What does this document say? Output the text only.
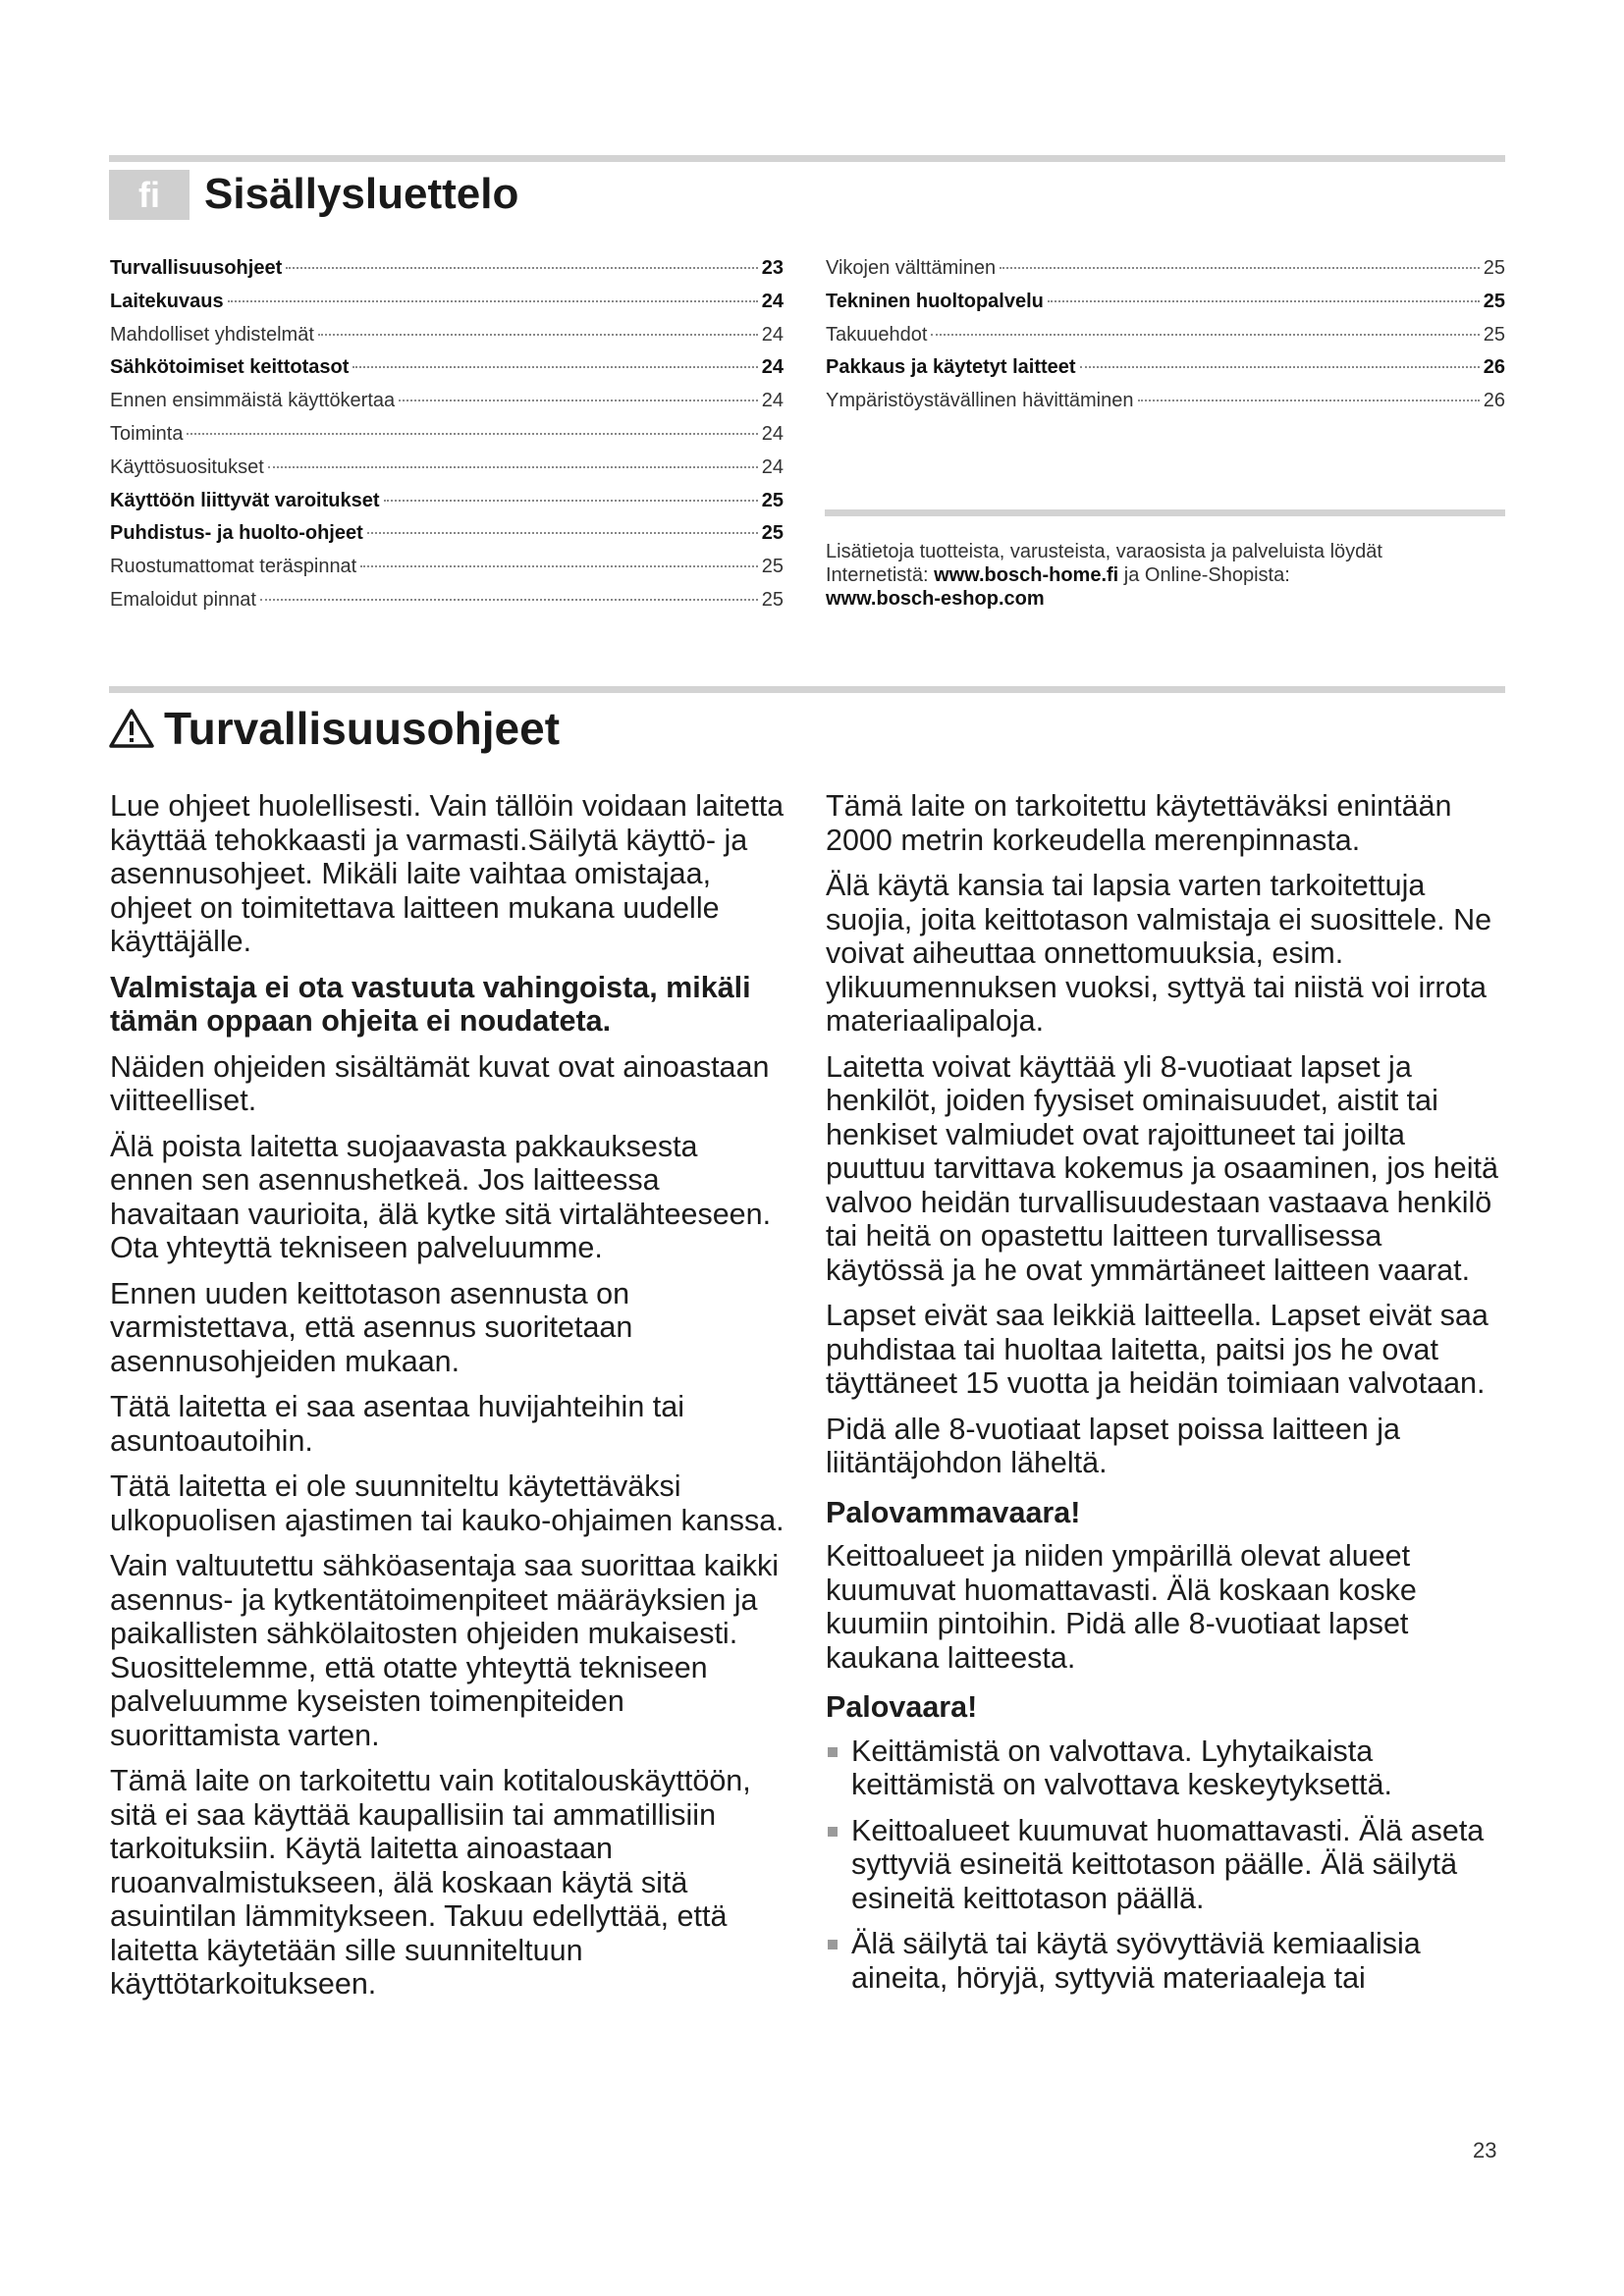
fi	Sisällysluettelo
Turvallisuusohjeet	23
Laitekuvaus	24
Mahdolliset yhdistelmät	24
Sähkötoimiset keittotasot	24
Ennen ensimmäistä käyttökertaa	24
Toiminta	24
Käyttösuositukset	24
Käyttöön liittyvät varoitukset	25
Puhdistus- ja huolto-ohjeet	25
Ruostumattomat teräspinnat	25
Emaloidut pinnat	25
Vikojen välttäminen	25
Tekninen huoltopalvelu	25
Takuuehdot	25
Pakkaus ja käytetyt laitteet	26
Ympäristöystävällinen hävittäminen	26

Lisätietoja tuotteista, varusteista, varaosista ja palveluista löydät
Internetistä: www.bosch-home.fi ja Online-Shopista:
www.bosch-eshop.com

Turvallisuusohjeet

Lue ohjeet huolellisesti. Vain tällöin voidaan laitetta käyttää tehokkaasti ja varmasti.Säilytä käyttö- ja asennusohjeet. Mikäli laite vaihtaa omistajaa, ohjeet on toimitettava laitteen mukana uudelle käyttäjälle.

Valmistaja ei ota vastuuta vahingoista, mikäli tämän oppaan ohjeita ei noudateta.

Näiden ohjeiden sisältämät kuvat ovat ainoastaan viitteelliset.

Älä poista laitetta suojaavasta pakkauksesta ennen sen asennushetkeä. Jos laitteessa havaitaan vaurioita, älä kytke sitä virtalähteeseen. Ota yhteyttä tekniseen palveluumme.

Ennen uuden keittotason asennusta on varmistettava, että asennus suoritetaan asennusohjeiden mukaan.

Tätä laitetta ei saa asentaa huvijahteihin tai asuntoautoihin.

Tätä laitetta ei ole suunniteltu käytettäväksi ulkopuolisen ajastimen tai kauko-ohjaimen kanssa.

Vain valtuutettu sähköasentaja saa suorittaa kaikki asennus- ja kytkentätoimenpiteet määräyksien ja paikallisten sähkölaitosten ohjeiden mukaisesti. Suosittelemme, että otatte yhteyttä tekniseen palveluumme kyseisten toimenpiteiden suorittamista varten.

Tämä laite on tarkoitettu vain kotitalouskäyttöön, sitä ei saa käyttää kaupallisiin tai ammatillisiin tarkoituksiin. Käytä laitetta ainoastaan ruoanvalmistukseen, älä koskaan käytä sitä asuintilan lämmitykseen. Takuu edellyttää, että laitetta käytetään sille suunniteltuun käyttötarkoitukseen.

Tämä laite on tarkoitettu käytettäväksi enintään 2000 metrin korkeudella merenpinnasta.

Älä käytä kansia tai lapsia varten tarkoitettuja suojia, joita keittotason valmistaja ei suosittele. Ne voivat aiheuttaa onnettomuuksia, esim. ylikuumennuksen vuoksi, syttyä tai niistä voi irrota materiaalipaloja.

Laitetta voivat käyttää yli 8-vuotiaat lapset ja henkilöt, joiden fyysiset ominaisuudet, aistit tai henkiset valmiudet ovat rajoittuneet tai joilta puuttuu tarvittava kokemus ja osaaminen, jos heitä valvoo heidän turvallisuudestaan vastaava henkilö tai heitä on opastettu laitteen turvallisessa käytössä ja he ovat ymmärtäneet laitteen vaarat.

Lapset eivät saa leikkiä laitteella. Lapset eivät saa puhdistaa tai huoltaa laitetta, paitsi jos he ovat täyttäneet 15 vuotta ja heidän toimiaan valvotaan.

Pidä alle 8-vuotiaat lapset poissa laitteen ja liitäntäjohdon läheltä.

Palovammavaara!

Keittoalueet ja niiden ympärillä olevat alueet kuumuvat huomattavasti. Älä koskaan koske kuumiin pintoihin. Pidä alle 8-vuotiaat lapset kaukana laitteesta.

Palovaara!
Keittämistä on valvottava. Lyhytaikaista keittämistä on valvottava keskeytyksettä.
Keittoalueet kuumuvat huomattavasti. Älä aseta syttyviä esineitä keittotason päälle. Älä säilytä esineitä keittotason päällä.
Älä säilytä tai käytä syövyttäviä kemiaalisia aineita, höryjä, syttyviä materiaaleja tai
23
